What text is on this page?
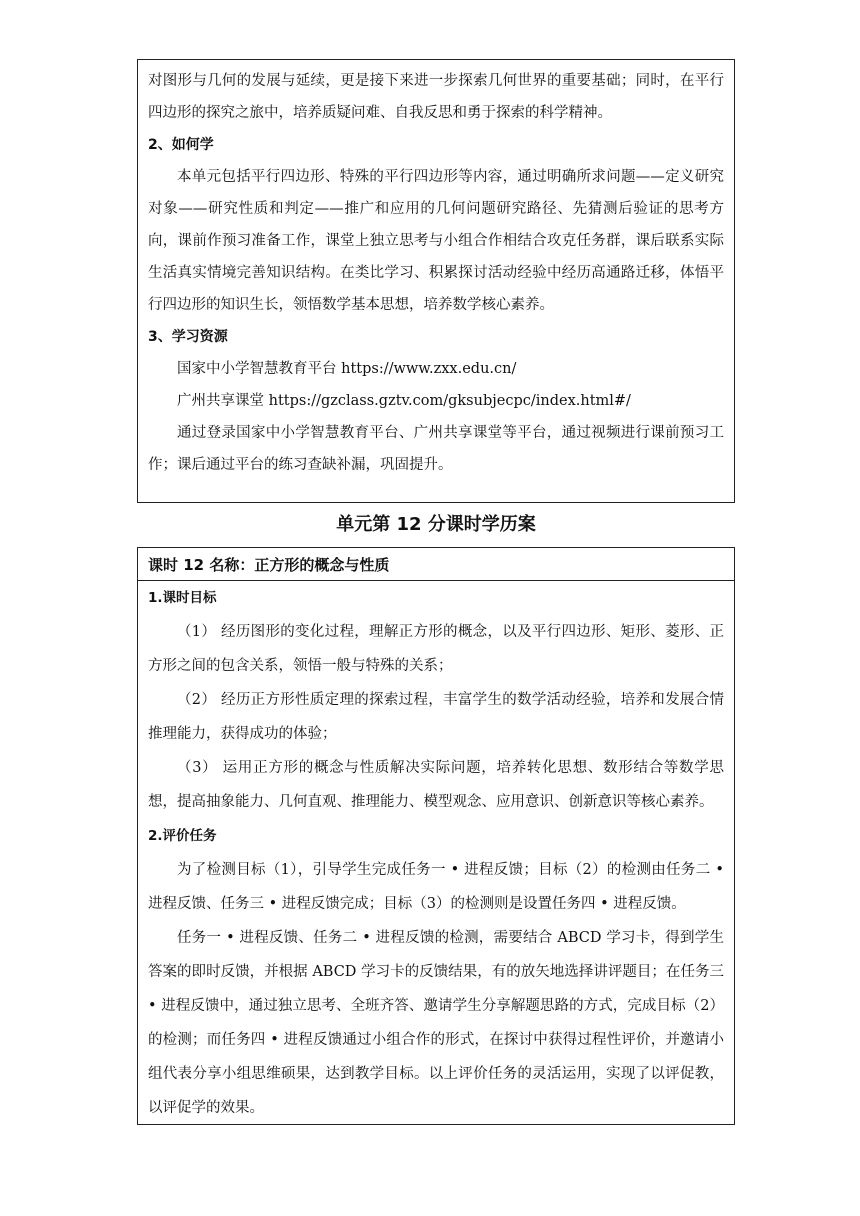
对图形与几何的发展与延续，更是接下来进一步探索几何世界的重要基础；同时，在平行四边形的探究之旅中，培养质疑问难、自我反思和勇于探索的科学精神。

2、如何学

本单元包括平行四边形、特殊的平行四边形等内容，通过明确所求问题——定义研究对象——研究性质和判定——推广和应用的几何问题研究路径、先猜测后验证的思考方向，课前作预习准备工作，课堂上独立思考与小组合作相结合攻克任务群，课后联系实际生活真实情境完善知识结构。在类比学习、积累探讨活动经验中经历高通路迁移，体悟平行四边形的知识生长，领悟数学基本思想，培养数学核心素养。

3、学习资源

国家中小学智慧教育平台 https://www.zxx.edu.cn/

广州共享课堂 https://gzclass.gztv.com/gksubjecpc/index.html#/

通过登录国家中小学智慧教育平台、广州共享课堂等平台，通过视频进行课前预习工作；课后通过平台的练习查缺补漏，巩固提升。

单元第 12 分课时学历案
课时 12 名称：正方形的概念与性质

1.课时目标

（1） 经历图形的变化过程，理解正方形的概念，以及平行四边形、矩形、菱形、正方形之间的包含关系，领悟一般与特殊的关系；

（2） 经历正方形性质定理的探索过程，丰富学生的数学活动经验，培养和发展合情推理能力，获得成功的体验；

（3） 运用正方形的概念与性质解决实际问题，培养转化思想、数形结合等数学思想，提高抽象能力、几何直观、推理能力、模型观念、应用意识、创新意识等核心素养。

2.评价任务

为了检测目标（1），引导学生完成任务一 • 进程反馈；目标（2）的检测由任务二 • 进程反馈、任务三 • 进程反馈完成；目标（3）的检测则是设置任务四 • 进程反馈。

任务一 • 进程反馈、任务二 • 进程反馈的检测，需要结合 ABCD 学习卡，得到学生答案的即时反馈，并根据 ABCD 学习卡的反馈结果，有的放矢地选择讲评题目；在任务三 • 进程反馈中，通过独立思考、全班齐答、邀请学生分享解题思路的方式，完成目标（2）的检测；而任务四 • 进程反馈通过小组合作的形式，在探讨中获得过程性评价，并邀请小组代表分享小组思维硕果，达到教学目标。以上评价任务的灵活运用，实现了以评促教，以评促学的效果。
